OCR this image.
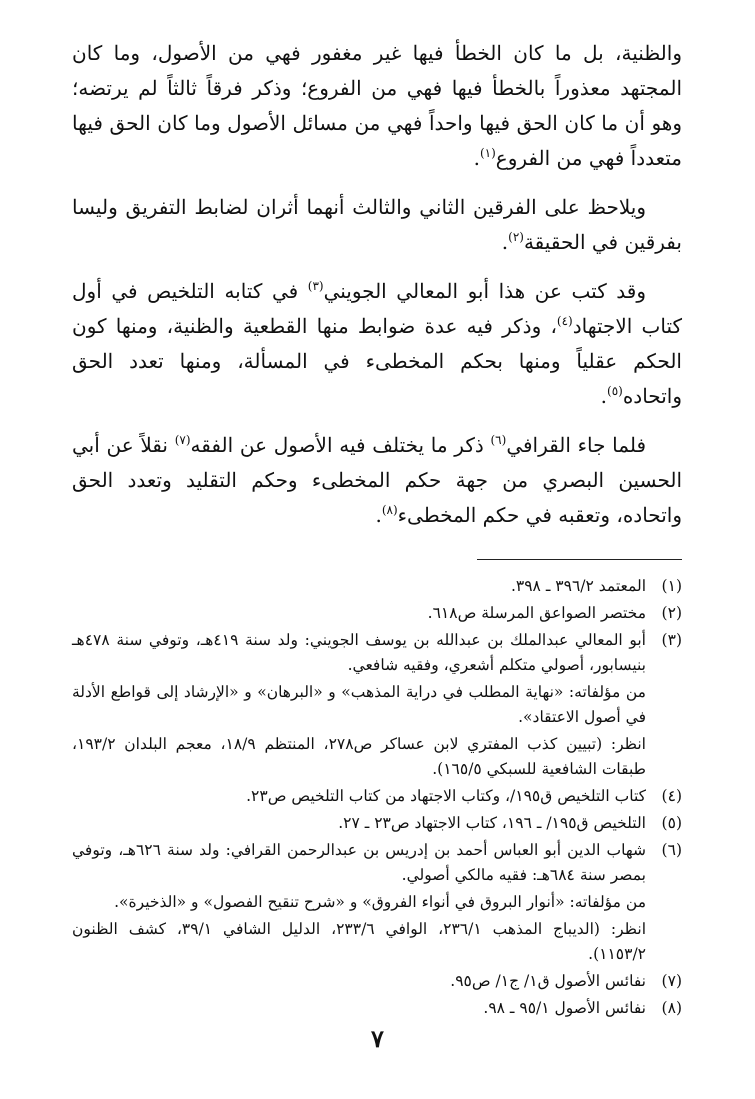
والظنية، بل ما كان الخطأ فيها غير مغفور فهي من الأصول، وما كان المجتهد معذوراً بالخطأ فيها فهي من الفروع؛ وذكر فرقاً ثالثاً لم يرتضه؛ وهو أن ما كان الحق فيها واحداً فهي من مسائل الأصول وما كان الحق فيها متعدداً فهي من الفروع$^{(١)}$.

ويلاحظ على الفرقين الثاني والثالث أنهما أثران لضابط التفريق وليسا بفرقين في الحقيقة$^{(٢)}$.

وقد كتب عن هذا أبو المعالي الجويني$^{(٣)}$ في كتابه التلخيص في أول كتاب الاجتهاد$^{(٤)}$، وذكر فيه عدة ضوابط منها القطعية والظنية، ومنها كون الحكم عقلياً ومنها بحكم المخطىء في المسألة، ومنها تعدد الحق واتحاده$^{(٥)}$.

فلما جاء القرافي$^{(٦)}$ ذكر ما يختلف فيه الأصول عن الفقه$^{(٧)}$ نقلاً عن أبي الحسين البصري من جهة حكم المخطىء وحكم التقليد وتعدد الحق واتحاده، وتعقبه في حكم المخطىء$^{(٨)}$.

(١)
المعتمد ٣٩٦/٢ ـ ٣٩٨.
(٢)
مختصر الصواعق المرسلة ص٦١٨.
(٣)
أبو المعالي عبدالملك بن عبدالله بن يوسف الجويني: ولد سنة ٤١٩هـ، وتوفي سنة ٤٧٨هـ بنيسابور، أصولي متكلم أشعري، وفقيه شافعي.
من مؤلفاته: «نهاية المطلب في دراية المذهب» و «البرهان» و «الإرشاد إلى قواطع الأدلة في أصول الاعتقاد».
انظر: (تبيين كذب المفتري لابن عساكر ص٢٧٨، المنتظم ١٨/٩، معجم البلدان ١٩٣/٢، طبقات الشافعية للسبكي ١٦٥/٥).
(٤)
كتاب التلخيص ق١٩٥/، وكتاب الاجتهاد من كتاب التلخيص ص٢٣.
(٥)
التلخيص ق١٩٥/ ـ ١٩٦، كتاب الاجتهاد ص٢٣ ـ ٢٧.
(٦)
شهاب الدين أبو العباس أحمد بن إدريس بن عبدالرحمن القرافي: ولد سنة ٦٢٦هـ، وتوفي بمصر سنة ٦٨٤هـ: فقيه مالكي أصولي.
من مؤلفاته: «أنوار البروق في أنواء الفروق» و «شرح تنقيح الفصول» و «الذخيرة».
انظر: (الديباج المذهب ٢٣٦/١، الوافي ٢٣٣/٦، الدليل الشافي ٣٩/١، كشف الظنون ١١٥٣/٢).
(٧)
نفائس الأصول ق١/ ج١/ ص٩٥.
(٨)
نفائس الأصول ٩٥/١ ـ ٩٨.
٧
